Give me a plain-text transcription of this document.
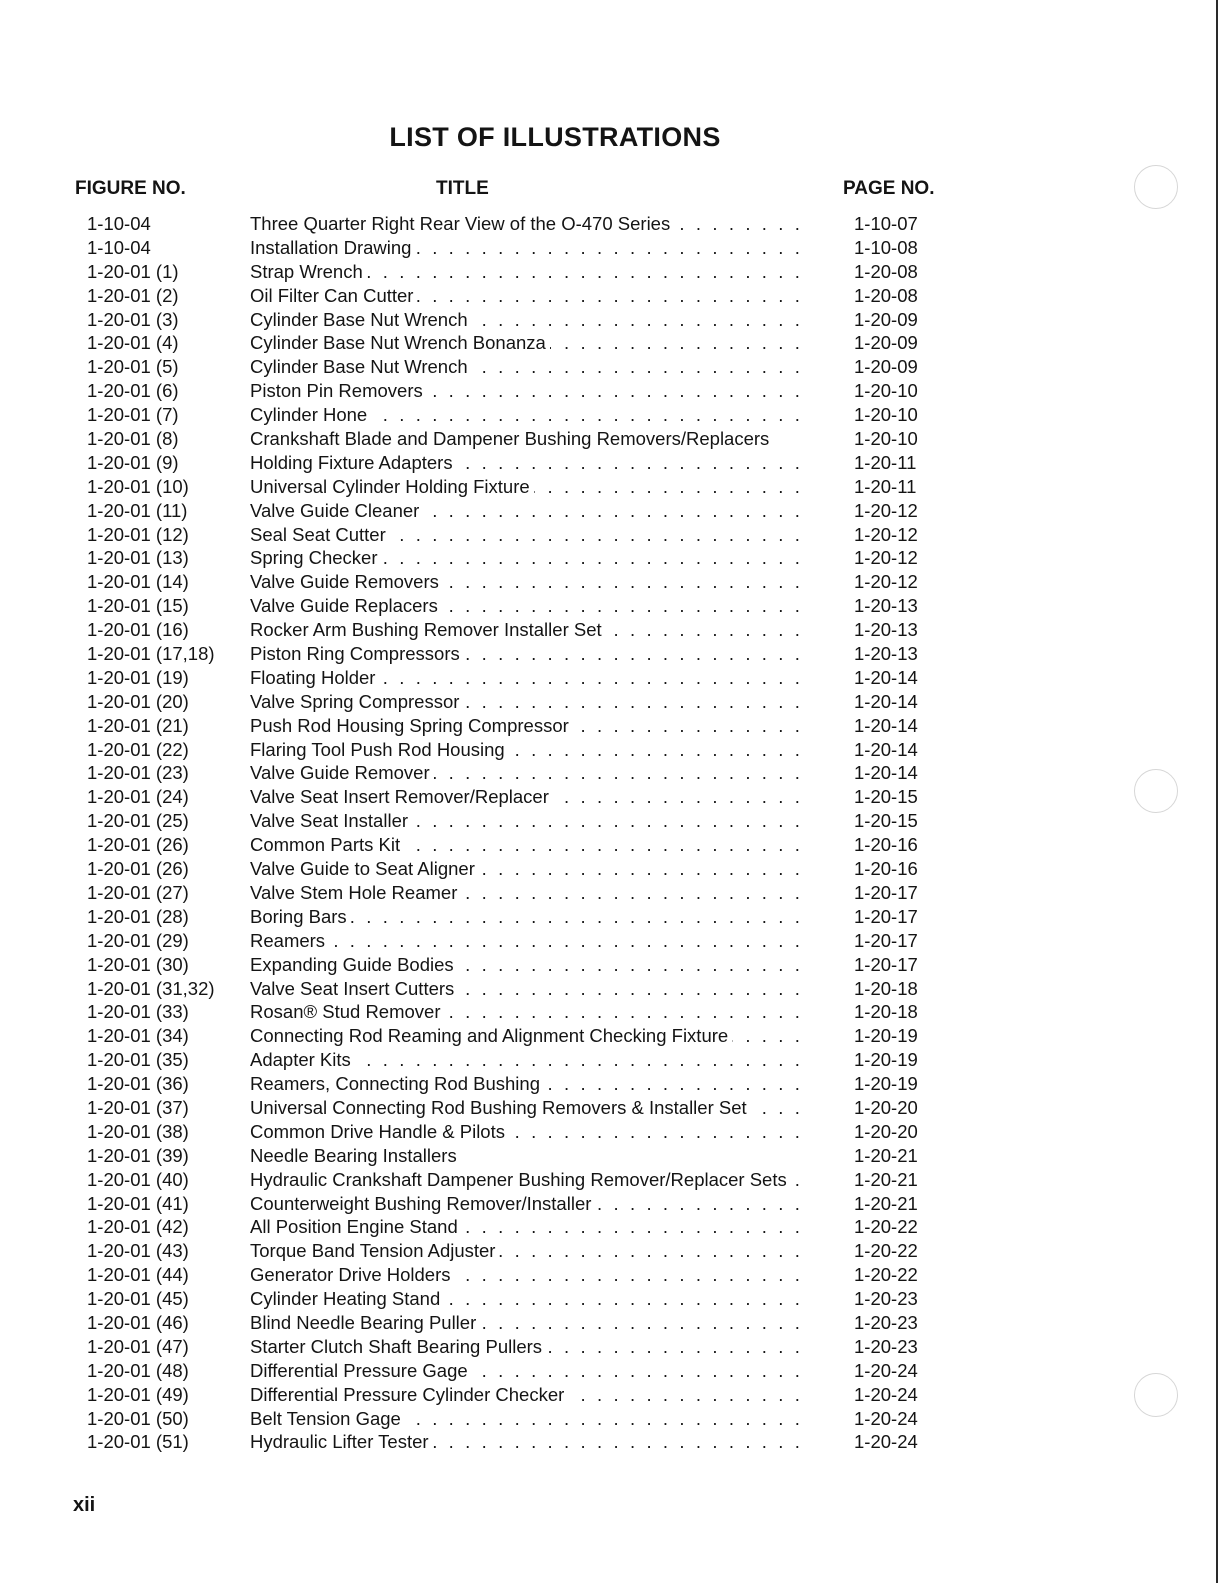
LIST OF ILLUSTRATIONS
FIGURE NO.	TITLE	PAGE NO.
1-10-04	Three Quarter Right Rear View of the O-470 Series . . .	1-10-07
1-10-04	Installation Drawing . . .	1-10-08
1-20-01 (1)	Strap Wrench . . .	1-20-08
1-20-01 (2)	Oil Filter Can Cutter . . .	1-20-08
1-20-01 (3)	Cylinder Base Nut Wrench . . .	1-20-09
1-20-01 (4)	Cylinder Base Nut Wrench Bonanza . . .	1-20-09
1-20-01 (5)	Cylinder Base Nut Wrench . . .	1-20-09
1-20-01 (6)	Piston Pin Removers . . .	1-20-10
1-20-01 (7)	Cylinder Hone . . .	1-20-10
1-20-01 (8)	Crankshaft Blade and Dampener Bushing Removers/Replacers	1-20-10
1-20-01 (9)	Holding Fixture Adapters . . .	1-20-11
1-20-01 (10)	Universal Cylinder Holding Fixture . . .	1-20-11
1-20-01 (11)	Valve Guide Cleaner . . .	1-20-12
1-20-01 (12)	Seal Seat Cutter . . .	1-20-12
1-20-01 (13)	Spring Checker . . .	1-20-12
1-20-01 (14)	Valve Guide Removers . . .	1-20-12
1-20-01 (15)	Valve Guide Replacers . . .	1-20-13
1-20-01 (16)	Rocker Arm Bushing Remover Installer Set . . .	1-20-13
1-20-01 (17,18) Piston Ring Compressors . . .	1-20-13
1-20-01 (19)	Floating Holder . . .	1-20-14
1-20-01 (20)	Valve Spring Compressor . . .	1-20-14
1-20-01 (21)	Push Rod Housing Spring Compressor . . .	1-20-14
1-20-01 (22)	Flaring Tool Push Rod Housing . . .	1-20-14
1-20-01 (23)	Valve Guide Remover . . .	1-20-14
1-20-01 (24)	Valve Seat Insert Remover/Replacer . . .	1-20-15
1-20-01 (25)	Valve Seat Installer . . .	1-20-15
1-20-01 (26)	Common Parts Kit . . .	1-20-16
1-20-01 (26)	Valve Guide to Seat Aligner . . .	1-20-16
1-20-01 (27)	Valve Stem Hole Reamer . . .	1-20-17
1-20-01 (28)	Boring Bars . . .	1-20-17
1-20-01 (29)	Reamers . . .	1-20-17
1-20-01 (30)	Expanding Guide Bodies . . .	1-20-17
1-20-01 (31,32) Valve Seat Insert Cutters . . .	1-20-18
1-20-01 (33)	Rosan® Stud Remover . . .	1-20-18
1-20-01 (34)	Connecting Rod Reaming and Alignment Checking Fixture . . .	1-20-19
1-20-01 (35)	Adapter Kits . . .	1-20-19
1-20-01 (36)	Reamers, Connecting Rod Bushing . . .	1-20-19
1-20-01 (37)	Universal Connecting Rod Bushing Removers & Installer Set . . .	1-20-20
1-20-01 (38)	Common Drive Handle & Pilots . . .	1-20-20
1-20-01 (39)	Needle Bearing Installers	1-20-21
1-20-01 (40)	Hydraulic Crankshaft Dampener Bushing Remover/Replacer Sets . . .	1-20-21
1-20-01 (41)	Counterweight Bushing Remover/Installer . . .	1-20-21
1-20-01 (42)	All Position Engine Stand . . .	1-20-22
1-20-01 (43)	Torque Band Tension Adjuster . . .	1-20-22
1-20-01 (44)	Generator Drive Holders . . .	1-20-22
1-20-01 (45)	Cylinder Heating Stand . . .	1-20-23
1-20-01 (46)	Blind Needle Bearing Puller . . .	1-20-23
1-20-01 (47)	Starter Clutch Shaft Bearing Pullers . . .	1-20-23
1-20-01 (48)	Differential Pressure Gage . . .	1-20-24
1-20-01 (49)	Differential Pressure Cylinder Checker . . .	1-20-24
1-20-01 (50)	Belt Tension Gage . . .	1-20-24
1-20-01 (51)	Hydraulic Lifter Tester . . .	1-20-24
xii
